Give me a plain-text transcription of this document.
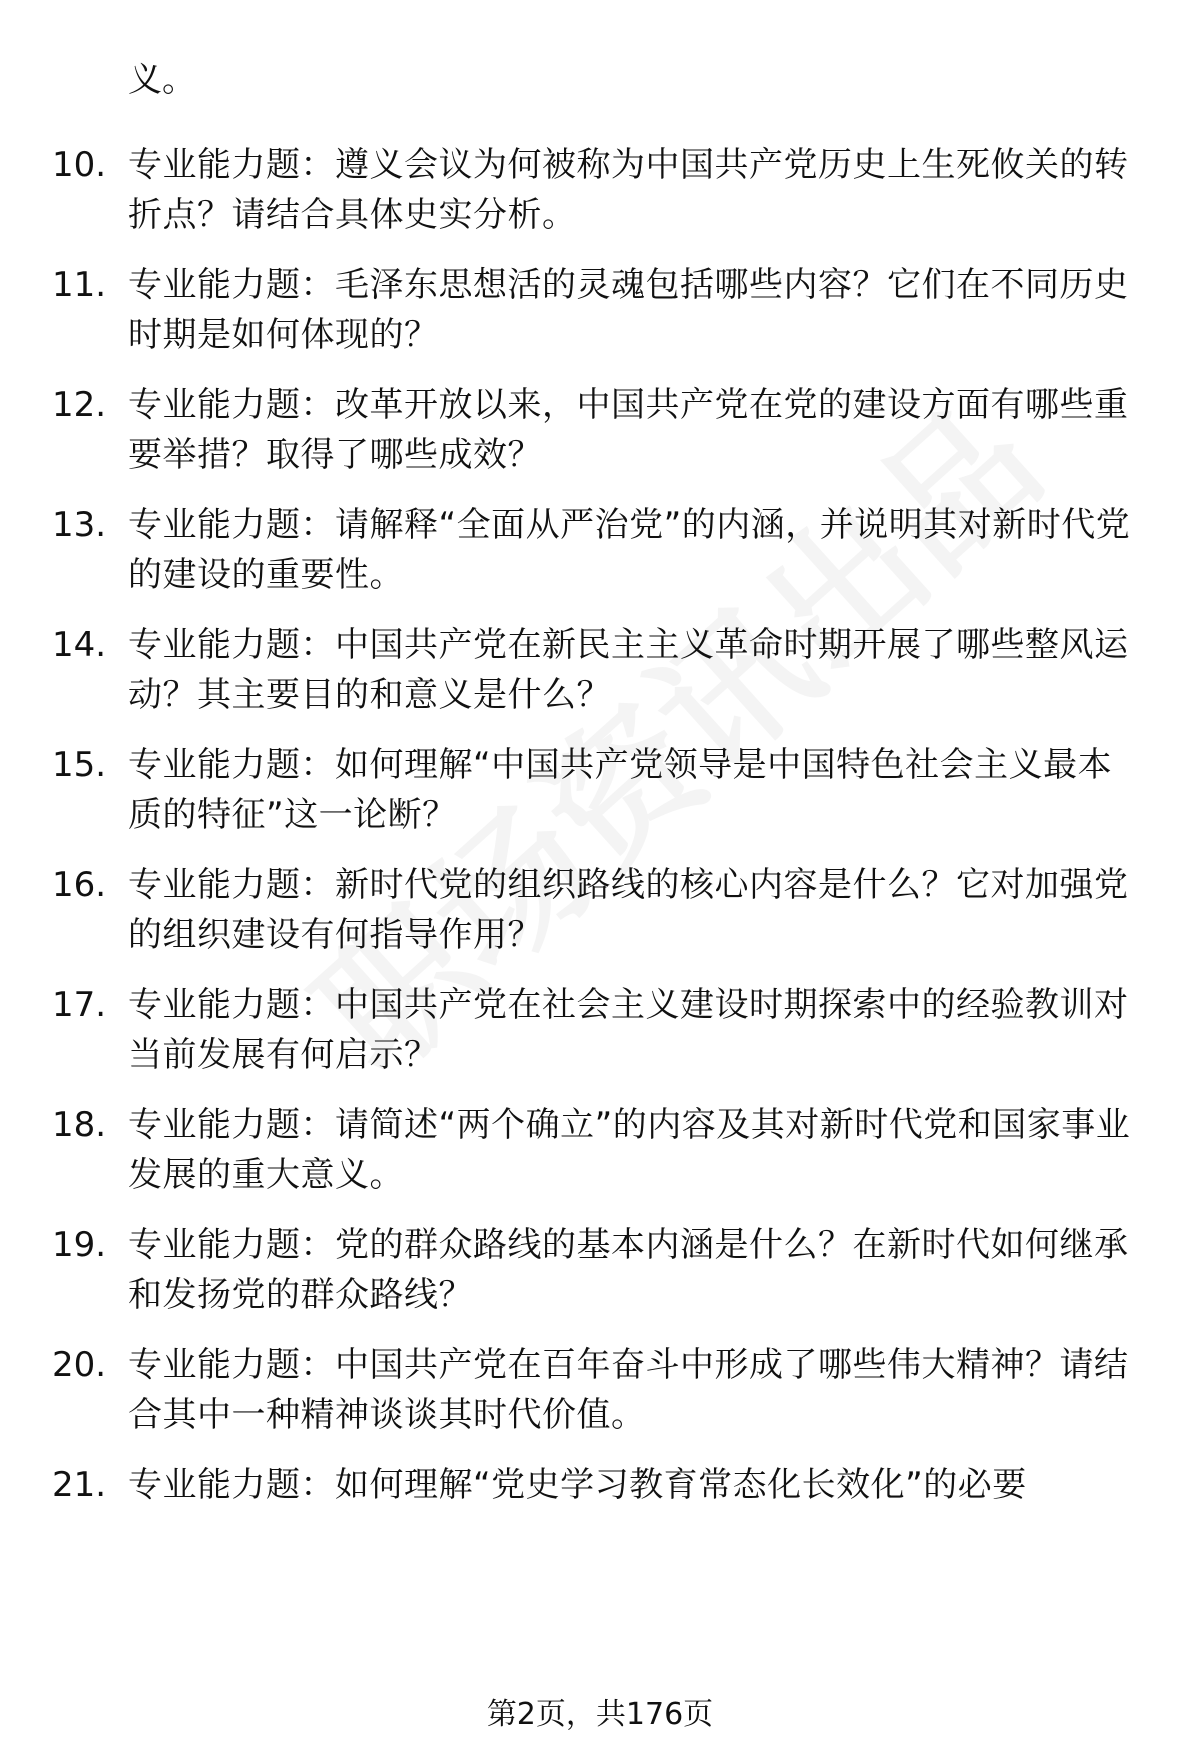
义。

10. 专业能力题：遵义会议为何被称为中国共产党历史上生死攸关的转折点？请结合具体史实分析。

11. 专业能力题：毛泽东思想活的灵魂包括哪些内容？它们在不同历史时期是如何体现的？

12. 专业能力题：改革开放以来，中国共产党在党的建设方面有哪些重要举措？取得了哪些成效？

13. 专业能力题：请解释“全面从严治党”的内涵，并说明其对新时代党的建设的重要性。

14. 专业能力题：中国共产党在新民主主义革命时期开展了哪些整风运动？其主要目的和意义是什么？

15. 专业能力题：如何理解“中国共产党领导是中国特色社会主义最本质的特征”这一论断？

16. 专业能力题：新时代党的组织路线的核心内容是什么？它对加强党的组织建设有何指导作用？

17. 专业能力题：中国共产党在社会主义建设时期探索中的经验教训对当前发展有何启示？

18. 专业能力题：请简述“两个确立”的内容及其对新时代党和国家事业发展的重大意义。

19. 专业能力题：党的群众路线的基本内涵是什么？在新时代如何继承和发扬党的群众路线？

20. 专业能力题：中国共产党在百年奋斗中形成了哪些伟大精神？请结合其中一种精神谈谈其时代价值。

21. 专业能力题：如何理解“党史学习教育常态化长效化”的必要

第2页，共176页
